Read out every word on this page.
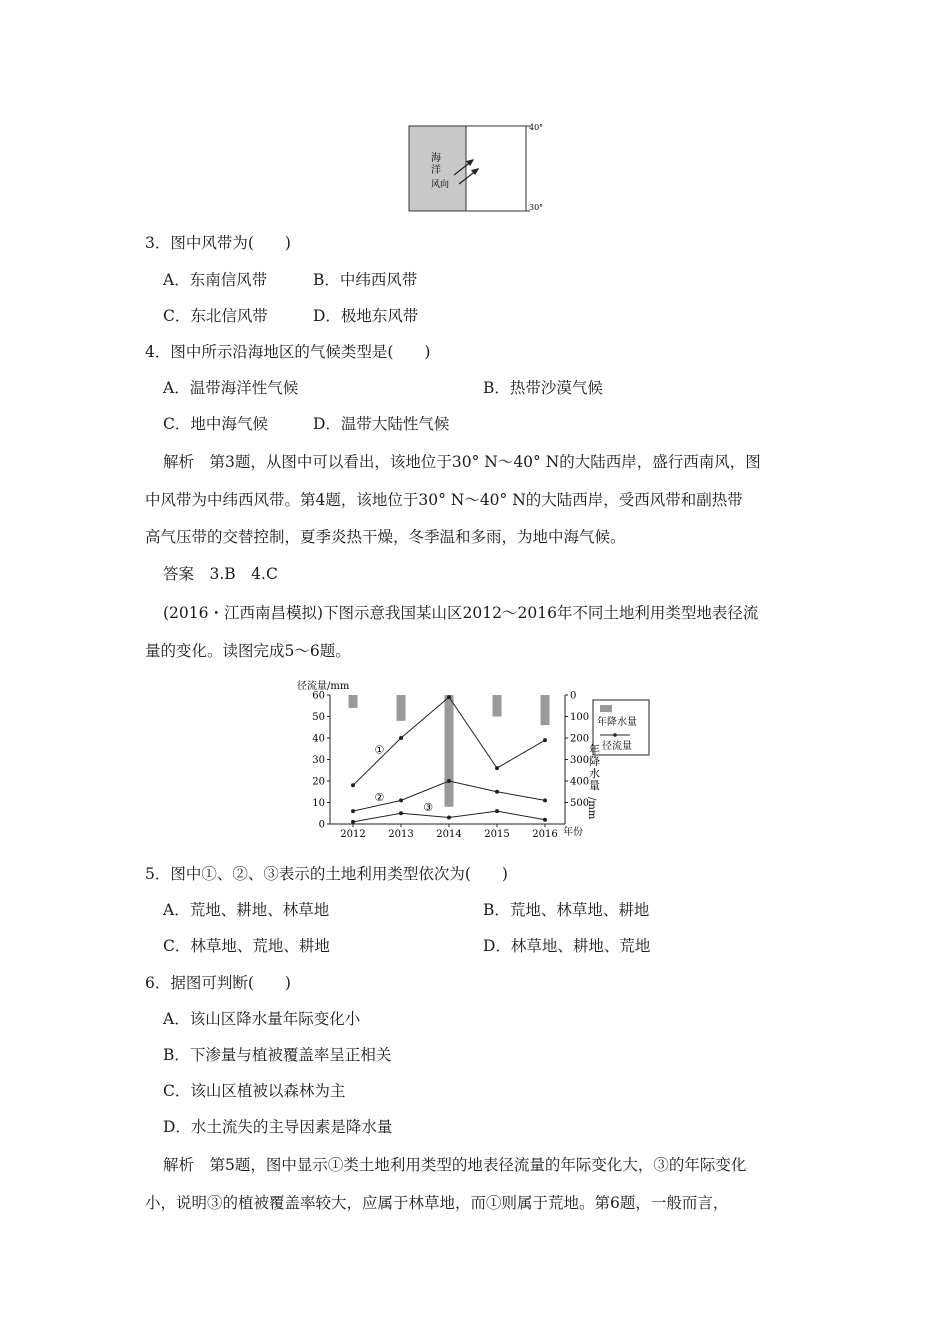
海
洋
风向
40°
30°
3．图中风带为(　　)
A．东南信风带	B．中纬西风带
C．东北信风带	D．极地东风带
4．图中所示沿海地区的气候类型是(　　)
A．温带海洋性气候	B．热带沙漠气候
C．地中海气候	D．温带大陆性气候
解析　第3题，从图中可以看出，该地位于30° N～40° N的大陆西岸，盛行西南风，图
中风带为中纬西风带。第4题，该地位于30° N～40° N的大陆西岸，受西风带和副热带
高气压带的交替控制，夏季炎热干燥，冬季温和多雨，为地中海气候。
答案　3.B　4.C
(2016・江西南昌模拟)下图示意我国某山区2012～2016年不同土地利用类型地表径流
量的变化。读图完成5～6题。
径流量/mm
0
10
20
30
40
50
60	0
100
200
300
400
500
①
②
③
2012 2013 2014 2015 2016 年份
年
降
水
量
/mm
年降水量
径流量
5．图中①、②、③表示的土地利用类型依次为(　　)
A．荒地、耕地、林草地	B．荒地、林草地、耕地
C．林草地、荒地、耕地	D．林草地、耕地、荒地
6．据图可判断(　　)
A．该山区降水量年际变化小
B．下渗量与植被覆盖率呈正相关
C．该山区植被以森林为主
D．水土流失的主导因素是降水量
解析　第5题，图中显示①类土地利用类型的地表径流量的年际变化大，③的年际变化
小，说明③的植被覆盖率较大，应属于林草地，而①则属于荒地。第6题，一般而言，
